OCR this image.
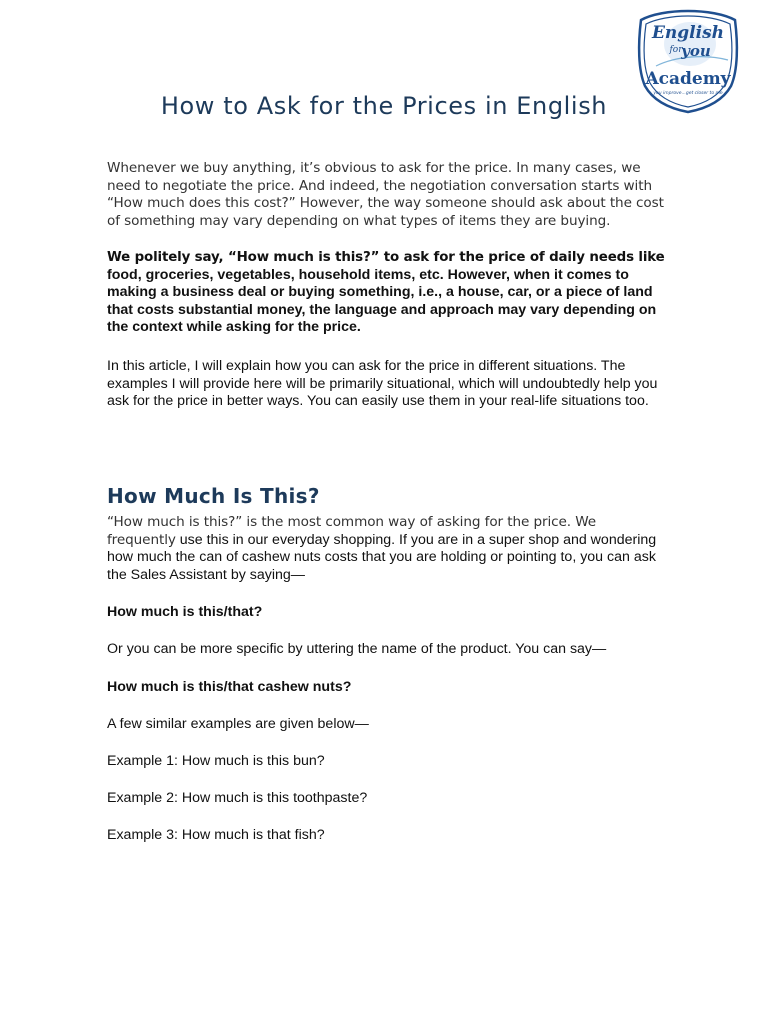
English
for
you
Academy
you improve...get closer to me
How to Ask for the Prices in English

Whenever we buy anything, it’s obvious to ask for the price. In many cases, we need to negotiate the price. And indeed, the negotiation conversation starts with “How much does this cost?” However, the way someone should ask about the cost of something may vary depending on what types of items they are buying.

We politely say, “How much is this?” to ask for the price of daily needs like food, groceries, vegetables, household items, etc. However, when it comes to making a business deal or buying something, i.e., a house, car, or a piece of land that costs substantial money, the language and approach may vary depending on the context while asking for the price.

In this article, I will explain how you can ask for the price in different situations. The examples I will provide here will be primarily situational, which will undoubtedly help you ask for the price in better ways. You can easily use them in your real-life situations too.

How Much Is This?

“How much is this?” is the most common way of asking for the price. We frequently use this in our everyday shopping. If you are in a super shop and wondering how much the can of cashew nuts costs that you are holding or pointing to, you can ask the Sales Assistant by saying—

How much is this/that?

Or you can be more specific by uttering the name of the product. You can say—

How much is this/that cashew nuts?

A few similar examples are given below—

Example 1: How much is this bun?

Example 2: How much is this toothpaste?

Example 3: How much is that fish?
